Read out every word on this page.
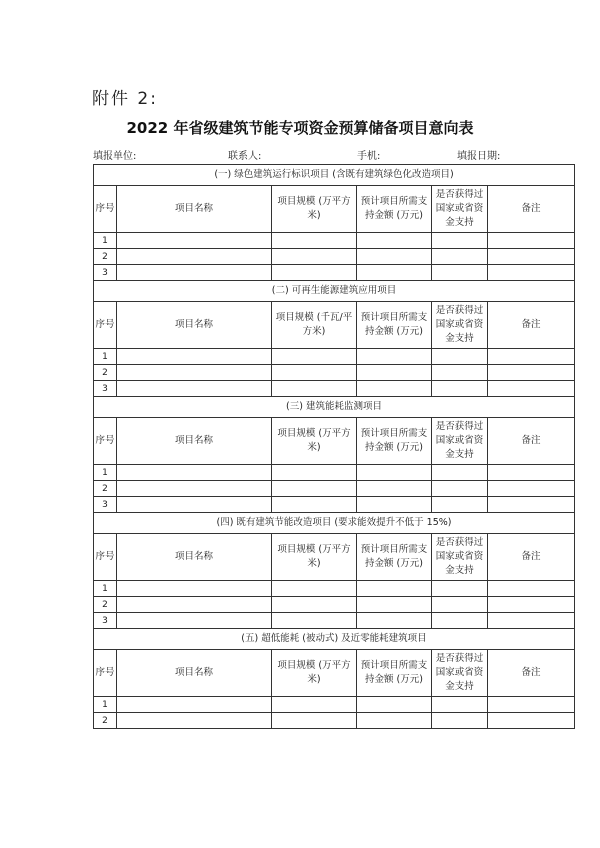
附件 2:
2022 年省级建筑节能专项资金预算储备项目意向表
填报单位:	联系人:	手机:	填报日期:
(一) 绿色建筑运行标识项目 (含既有建筑绿色化改造项目)					
序号	项目名称	项目规模 (万平方米)	预计项目所需支持金额 (万元)	是否获得过国家或省资金支持	备注
1					
2					
3					
(二) 可再生能源建筑应用项目					
序号	项目名称	项目规模 (千瓦/平方米)	预计项目所需支持金额 (万元)	是否获得过国家或省资金支持	备注
1					
2					
3					
(三) 建筑能耗监测项目					
序号	项目名称	项目规模 (万平方米)	预计项目所需支持金额 (万元)	是否获得过国家或省资金支持	备注
1					
2					
3					
(四) 既有建筑节能改造项目 (要求能效提升不低于 15%)					
序号	项目名称	项目规模 (万平方米)	预计项目所需支持金额 (万元)	是否获得过国家或省资金支持	备注
1					
2					
3					
(五) 超低能耗 (被动式) 及近零能耗建筑项目					
序号	项目名称	项目规模 (万平方米)	预计项目所需支持金额 (万元)	是否获得过国家或省资金支持	备注
1					
2					
